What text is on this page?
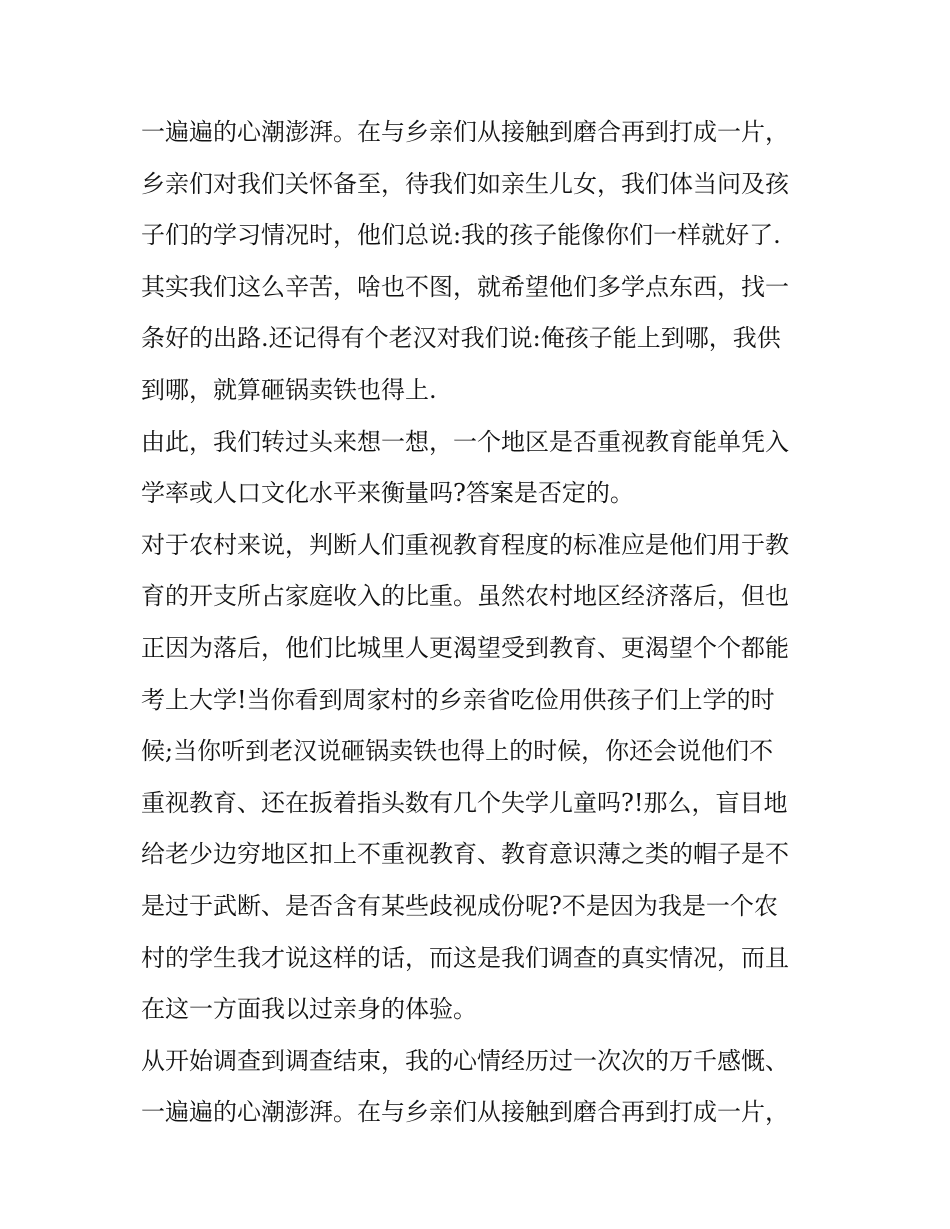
一遍遍的心潮澎湃。在与乡亲们从接触到磨合再到打成一片，
乡亲们对我们关怀备至，待我们如亲生儿女，我们体当问及孩
子们的学习情况时，他们总说:我的孩子能像你们一样就好了.
其实我们这么辛苦，啥也不图，就希望他们多学点东西，找一
条好的出路.还记得有个老汉对我们说:俺孩子能上到哪，我供
到哪，就算砸锅卖铁也得上.
由此，我们转过头来想一想，一个地区是否重视教育能单凭入
学率或人口文化水平来衡量吗?答案是否定的。
对于农村来说，判断人们重视教育程度的标准应是他们用于教
育的开支所占家庭收入的比重。虽然农村地区经济落后，但也
正因为落后，他们比城里人更渴望受到教育、更渴望个个都能
考上大学!当你看到周家村的乡亲省吃俭用供孩子们上学的时
候;当你听到老汉说砸锅卖铁也得上的时候，你还会说他们不
重视教育、还在扳着指头数有几个失学儿童吗?!那么，盲目地
给老少边穷地区扣上不重视教育、教育意识薄之类的帽子是不
是过于武断、是否含有某些歧视成份呢?不是因为我是一个农
村的学生我才说这样的话，而这是我们调查的真实情况，而且
在这一方面我以过亲身的体验。
从开始调查到调查结束，我的心情经历过一次次的万千感慨、
一遍遍的心潮澎湃。在与乡亲们从接触到磨合再到打成一片，
